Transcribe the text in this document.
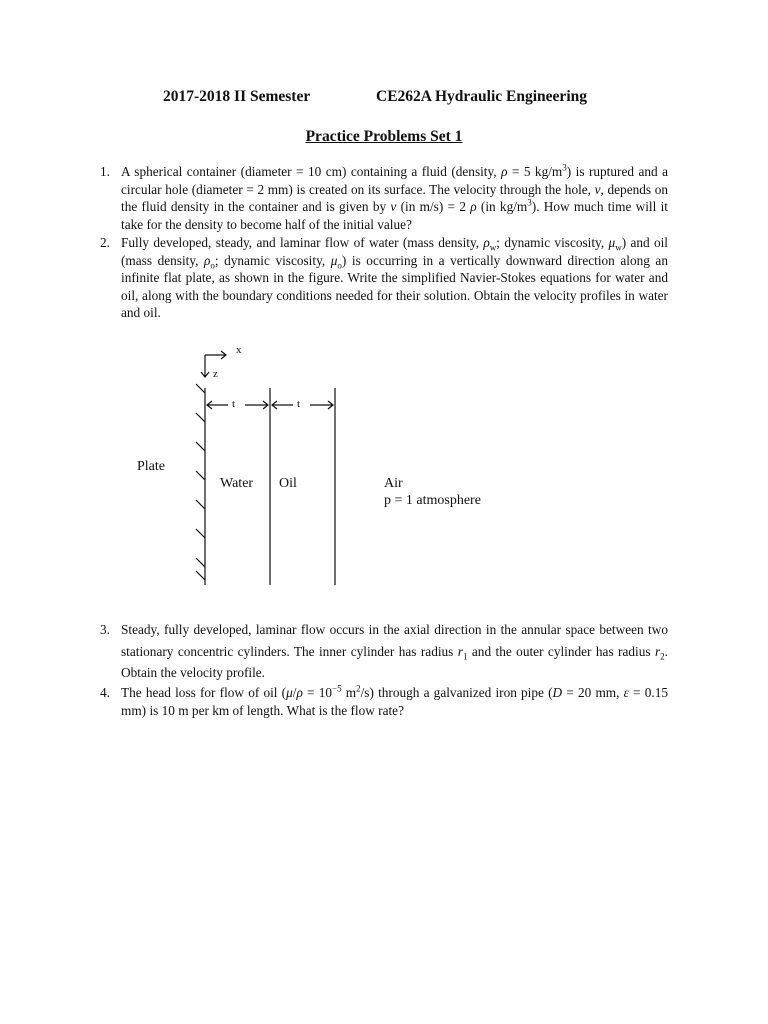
2017-2018 II Semester	CE262A Hydraulic Engineering
Practice Problems Set 1
1. A spherical container (diameter = 10 cm) containing a fluid (density, ρ = 5 $kg/m^3$) is ruptured and a circular hole (diameter = 2 mm) is created on its surface. The velocity through the hole, v, depends on the fluid density in the container and is given by v (in m/s) = 2 ρ (in $kg/m^3$). How much time will it take for the density to become half of the initial value?
2. Fully developed, steady, and laminar flow of water (mass density, $\rho_w$; dynamic viscosity, $\mu_w$) and oil (mass density, $\rho_o$; dynamic viscosity, $\mu_o$) is occurring in a vertically downward direction along an infinite flat plate, as shown in the figure. Write the simplified Navier-Stokes equations for water and oil, along with the boundary conditions needed for their solution. Obtain the velocity profiles in water and oil.
x
z
t	t
Plate
Water Oil	Air
p = 1 atmosphere
3. Steady, fully developed, laminar flow occurs in the axial direction in the annular space between two stationary concentric cylinders. The inner cylinder has radius $r_1$ and the outer cylinder has radius $r_2$. Obtain the velocity profile.
4. The head loss for flow of oil ($\mu/\rho = 10^{-5}$ $m^2/s$) through a galvanized iron pipe (D = 20 mm, ε = 0.15 mm) is 10 m per km of length. What is the flow rate?
